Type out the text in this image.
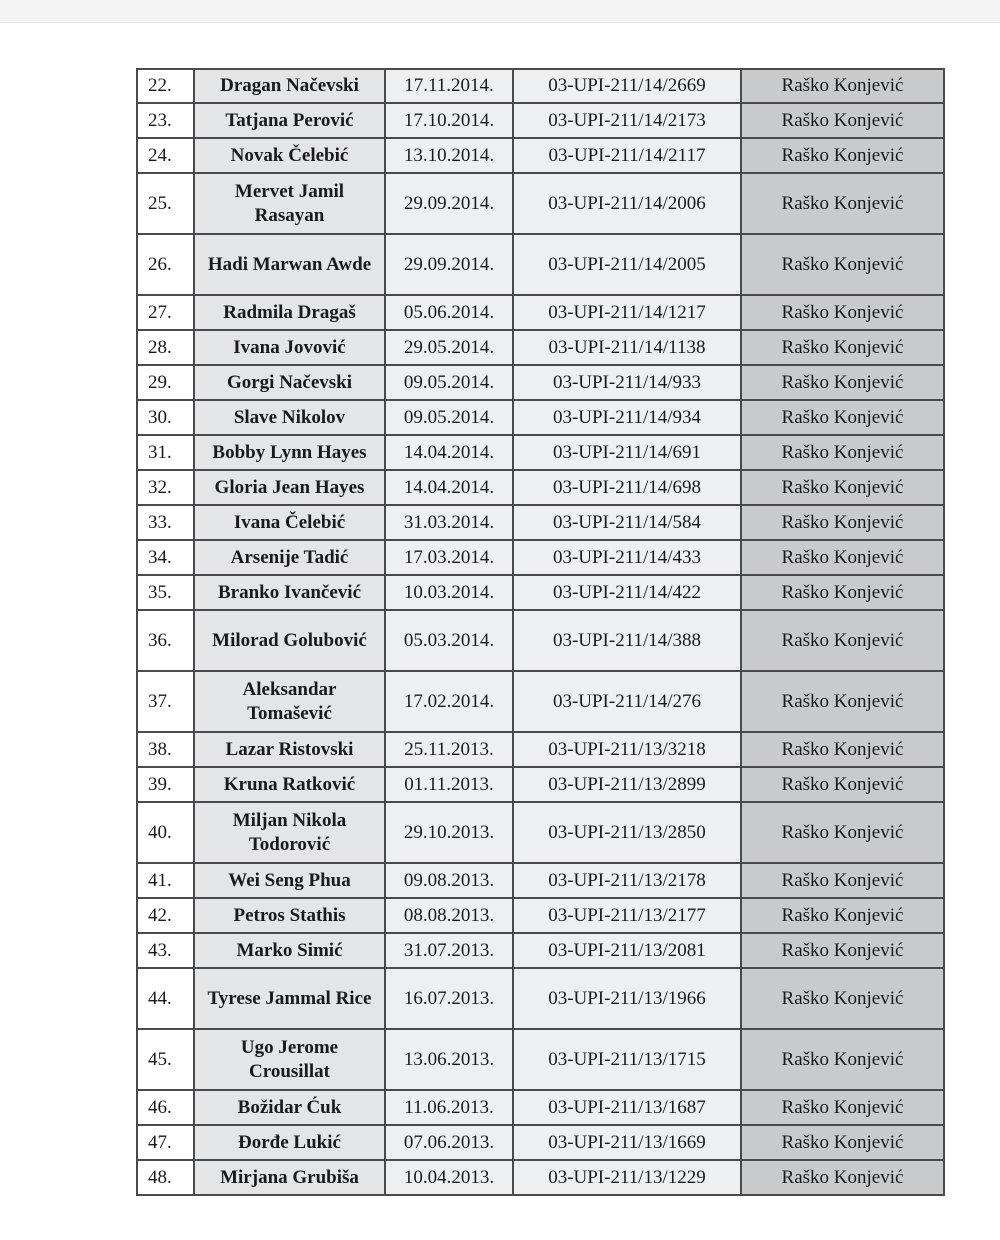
22.	Dragan Načevski	17.11.2014.	03-UPI-211/14/2669	Raško Konjević
23.	Tatjana Perović	17.10.2014.	03-UPI-211/14/2173	Raško Konjević
24.	Novak Čelebić	13.10.2014.	03-UPI-211/14/2117	Raško Konjević
25.	Mervet Jamil Rasayan	29.09.2014.	03-UPI-211/14/2006	Raško Konjević
26.	Hadi Marwan Awde	29.09.2014.	03-UPI-211/14/2005	Raško Konjević
27.	Radmila Dragaš	05.06.2014.	03-UPI-211/14/1217	Raško Konjević
28.	Ivana Jovović	29.05.2014.	03-UPI-211/14/1138	Raško Konjević
29.	Gorgi Načevski	09.05.2014.	03-UPI-211/14/933	Raško Konjević
30.	Slave Nikolov	09.05.2014.	03-UPI-211/14/934	Raško Konjević
31.	Bobby Lynn Hayes	14.04.2014.	03-UPI-211/14/691	Raško Konjević
32.	Gloria Jean Hayes	14.04.2014.	03-UPI-211/14/698	Raško Konjević
33.	Ivana Čelebić	31.03.2014.	03-UPI-211/14/584	Raško Konjević
34.	Arsenije Tadić	17.03.2014.	03-UPI-211/14/433	Raško Konjević
35.	Branko Ivančević	10.03.2014.	03-UPI-211/14/422	Raško Konjević
36.	Milorad Golubović	05.03.2014.	03-UPI-211/14/388	Raško Konjević
37.	Aleksandar Tomašević	17.02.2014.	03-UPI-211/14/276	Raško Konjević
38.	Lazar Ristovski	25.11.2013.	03-UPI-211/13/3218	Raško Konjević
39.	Kruna Ratković	01.11.2013.	03-UPI-211/13/2899	Raško Konjević
40.	Miljan Nikola Todorović	29.10.2013.	03-UPI-211/13/2850	Raško Konjević
41.	Wei Seng Phua	09.08.2013.	03-UPI-211/13/2178	Raško Konjević
42.	Petros Stathis	08.08.2013.	03-UPI-211/13/2177	Raško Konjević
43.	Marko Simić	31.07.2013.	03-UPI-211/13/2081	Raško Konjević
44.	Tyrese Jammal Rice	16.07.2013.	03-UPI-211/13/1966	Raško Konjević
45.	Ugo Jerome Crousillat	13.06.2013.	03-UPI-211/13/1715	Raško Konjević
46.	Božidar Ćuk	11.06.2013.	03-UPI-211/13/1687	Raško Konjević
47.	Đorđe Lukić	07.06.2013.	03-UPI-211/13/1669	Raško Konjević
48.	Mirjana Grubiša	10.04.2013.	03-UPI-211/13/1229	Raško Konjević
